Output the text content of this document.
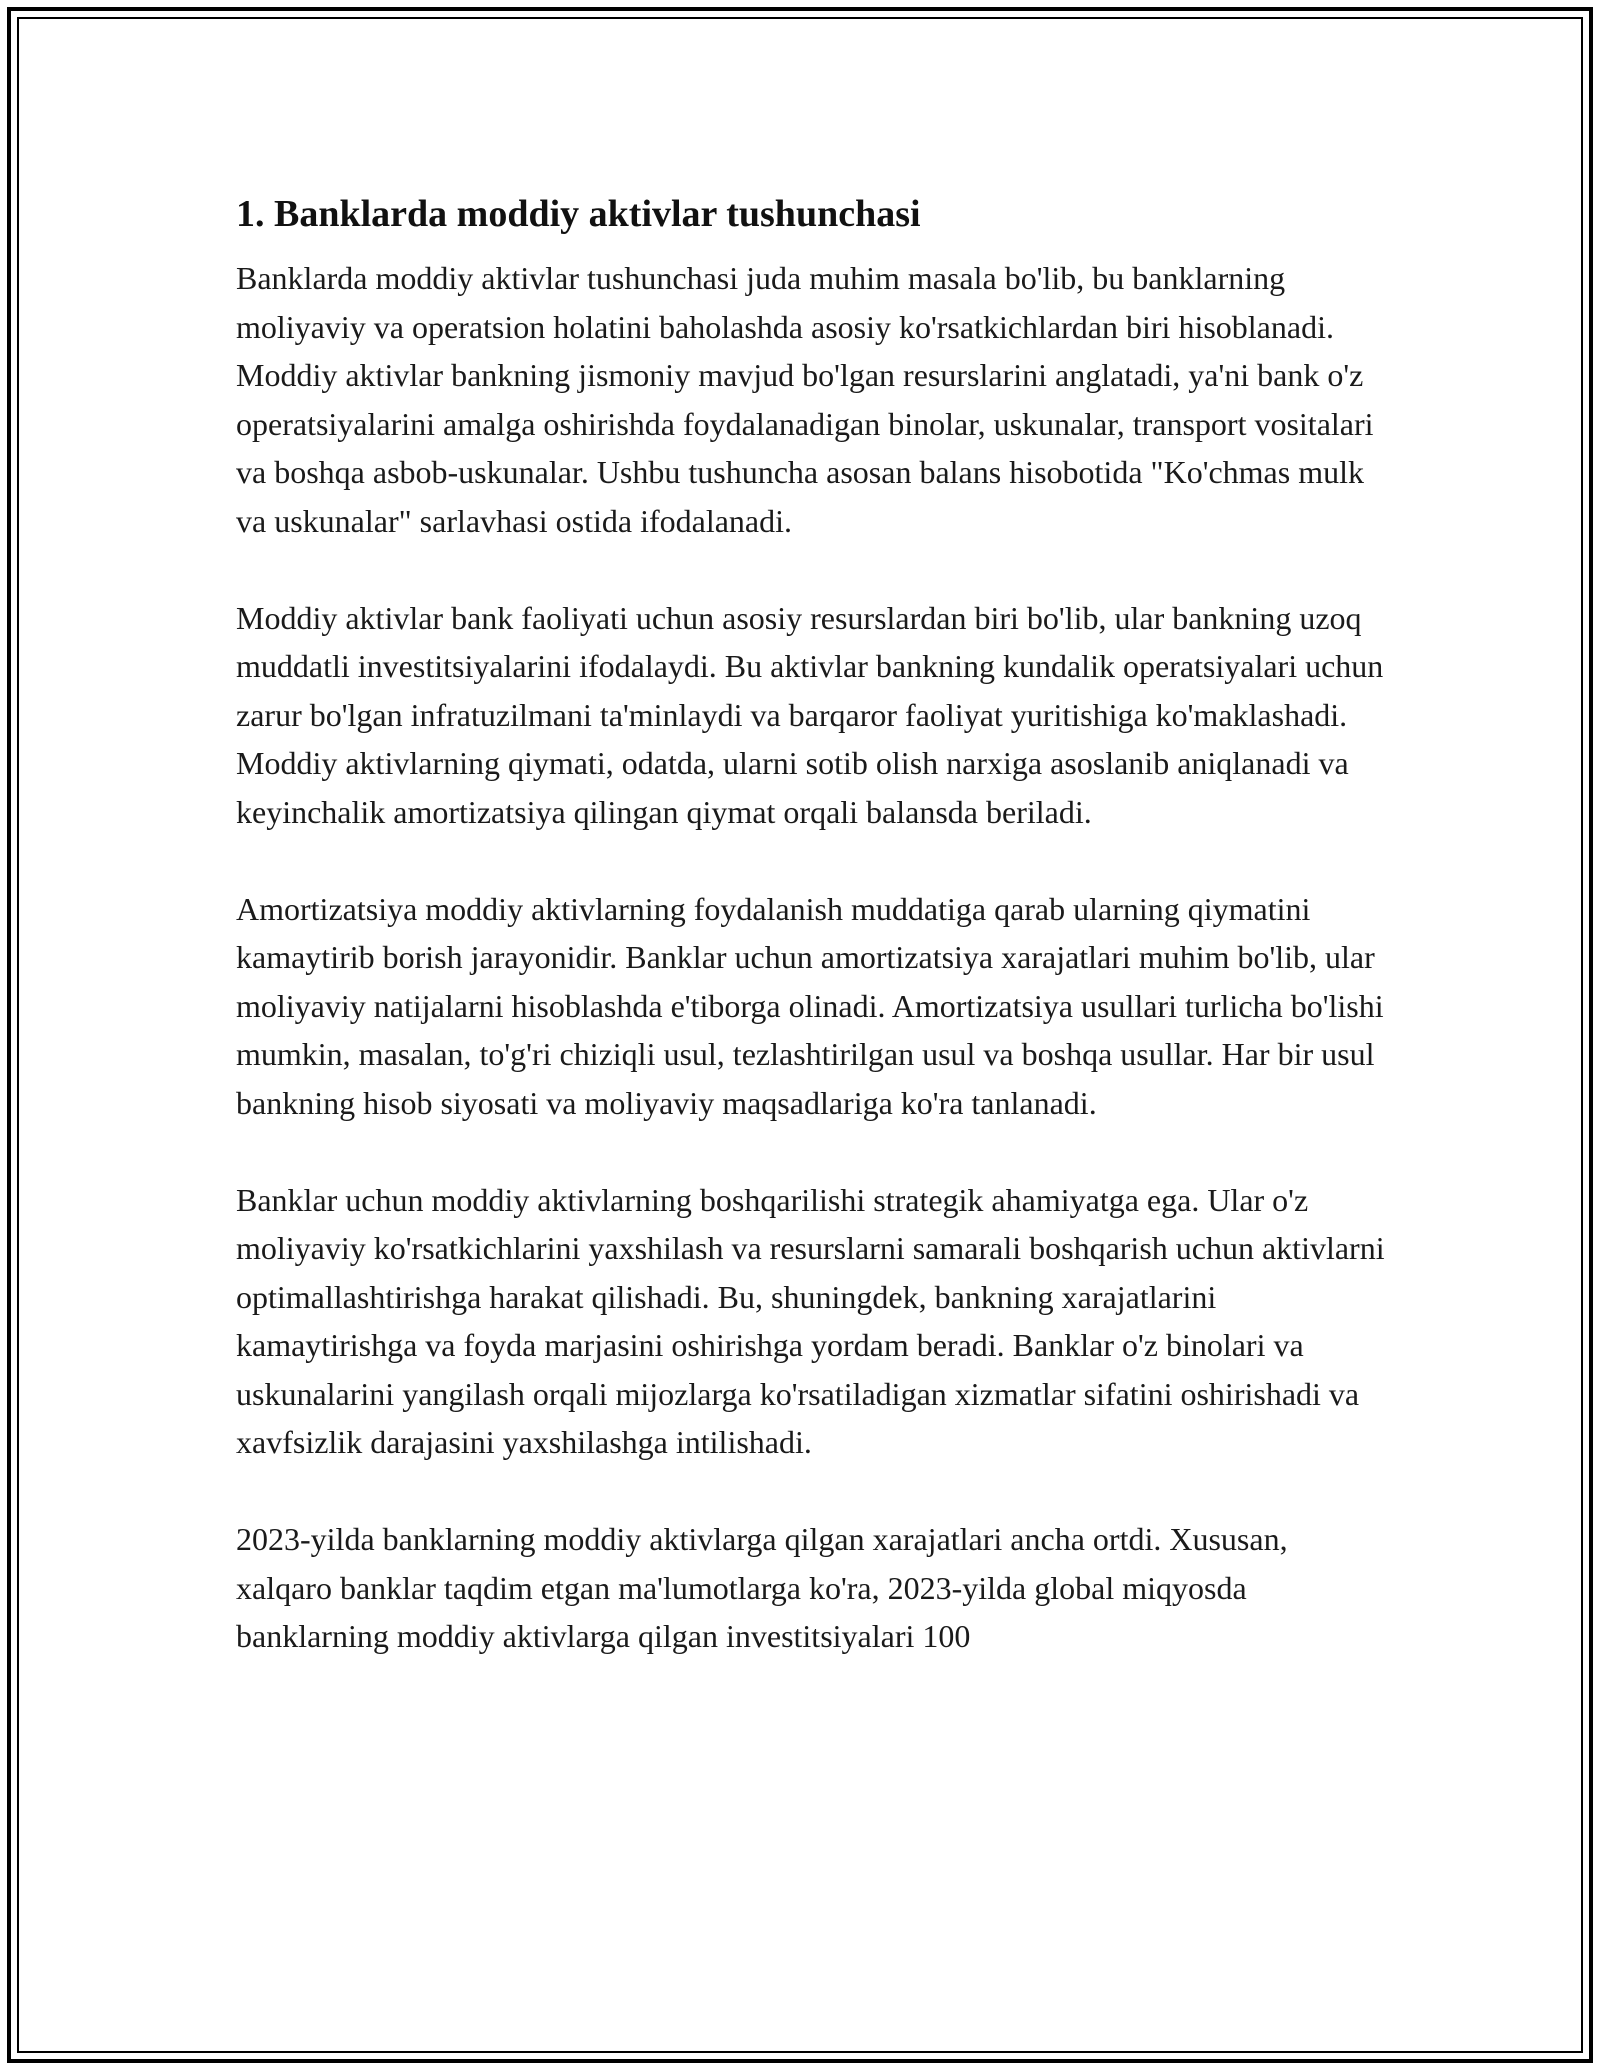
1. Banklarda moddiy aktivlar tushunchasi

Banklarda moddiy aktivlar tushunchasi juda muhim masala bo'lib, bu banklarning moliyaviy va operatsion holatini baholashda asosiy ko'rsatkichlardan biri hisoblanadi. Moddiy aktivlar bankning jismoniy mavjud bo'lgan resurslarini anglatadi, ya'ni bank o'z operatsiyalarini amalga oshirishda foydalanadigan binolar, uskunalar, transport vositalari va boshqa asbob-uskunalar. Ushbu tushuncha asosan balans hisobotida "Ko'chmas mulk va uskunalar" sarlavhasi ostida ifodalanadi.

Moddiy aktivlar bank faoliyati uchun asosiy resurslardan biri bo'lib, ular bankning uzoq muddatli investitsiyalarini ifodalaydi. Bu aktivlar bankning kundalik operatsiyalari uchun zarur bo'lgan infratuzilmani ta'minlaydi va barqaror faoliyat yuritishiga ko'maklashadi. Moddiy aktivlarning qiymati, odatda, ularni sotib olish narxiga asoslanib aniqlanadi va keyinchalik amortizatsiya qilingan qiymat orqali balansda beriladi.

Amortizatsiya moddiy aktivlarning foydalanish muddatiga qarab ularning qiymatini kamaytirib borish jarayonidir. Banklar uchun amortizatsiya xarajatlari muhim bo'lib, ular moliyaviy natijalarni hisoblashda e'tiborga olinadi. Amortizatsiya usullari turlicha bo'lishi mumkin, masalan, to'g'ri chiziqli usul, tezlashtirilgan usul va boshqa usullar. Har bir usul bankning hisob siyosati va moliyaviy maqsadlariga ko'ra tanlanadi.

Banklar uchun moddiy aktivlarning boshqarilishi strategik ahamiyatga ega. Ular o'z moliyaviy ko'rsatkichlarini yaxshilash va resurslarni samarali boshqarish uchun aktivlarni optimallashtirishga harakat qilishadi. Bu, shuningdek, bankning xarajatlarini kamaytirishga va foyda marjasini oshirishga yordam beradi. Banklar o'z binolari va uskunalarini yangilash orqali mijozlarga ko'rsatiladigan xizmatlar sifatini oshirishadi va xavfsizlik darajasini yaxshilashga intilishadi.

2023-yilda banklarning moddiy aktivlarga qilgan xarajatlari ancha ortdi. Xususan, xalqaro banklar taqdim etgan ma'lumotlarga ko'ra, 2023-yilda global miqyosda banklarning moddiy aktivlarga qilgan investitsiyalari 100
